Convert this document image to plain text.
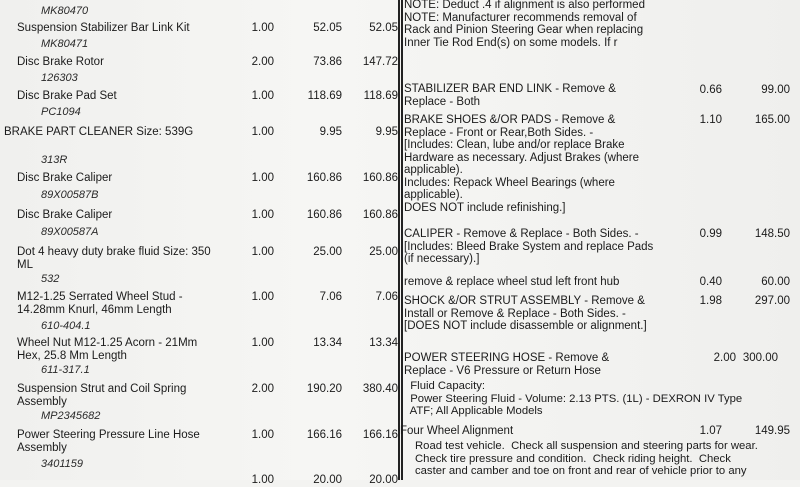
MK80470
Suspension Stabilizer Bar Link Kit
MK80471
1.00	52.05	52.05
Disc Brake Rotor
126303
2.00	73.86	147.72
Disc Brake Pad Set
PC1094
1.00	118.69	118.69
BRAKE PART CLEANER Size: 539G
313R
1.00	9.95	9.95
Disc Brake Caliper
89X00587B
1.00	160.86	160.86
Disc Brake Caliper
89X00587A
1.00	160.86	160.86
Dot 4 heavy duty brake fluid Size: 350 ML
532
1.00	25.00	25.00
M12-1.25 Serrated Wheel Stud - 14.28mm Knurl, 46mm Length
610-404.1
1.00	7.06	7.06
Wheel Nut M12-1.25 Acorn - 21Mm Hex, 25.8 Mm Length
611-317.1
1.00	13.34	13.34
Suspension Strut and Coil Spring Assembly
MP2345682
2.00	190.20	380.40
Power Steering Pressure Line Hose Assembly
3401159
1.00	166.16	166.16
1.00	20.00	20.00
NOTE: Deduct .4 if alignment is also performed
NOTE: Manufacturer recommends removal of Rack and Pinion Steering Gear when replacing Inner Tie Rod End(s) on some models. If r
STABILIZER BAR END LINK - Remove & Replace - Both
0.66	99.00
BRAKE SHOES &/OR PADS - Remove & Replace - Front or Rear,Both Sides. - [Includes: Clean, lube and/or replace Brake Hardware as necessary. Adjust Brakes (where applicable).
Includes: Repack Wheel Bearings (where applicable).
DOES NOT include refinishing.]
1.10	165.00
CALIPER - Remove & Replace - Both Sides. - [Includes: Bleed Brake System and replace Pads (if necessary).]
0.99	148.50
remove & replace wheel stud left front hub	0.40	60.00
SHOCK &/OR STRUT ASSEMBLY - Remove & Install or Remove & Replace - Both Sides. - [DOES NOT include disassemble or alignment.]
1.98	297.00
POWER STEERING HOSE - Remove & Replace - V6 Pressure or Return Hose
2.00 300.00
Fluid Capacity:
Power Steering Fluid - Volume: 2.13 PTS. (1L) - DEXRON IV Type
ATF; All Applicable Models
Four Wheel Alignment	1.07	149.95
Road test vehicle.  Check all suspension and steering parts for wear.
Check tire pressure and condition.  Check riding height.  Check
caster and camber and toe on front and rear of vehicle prior to any
